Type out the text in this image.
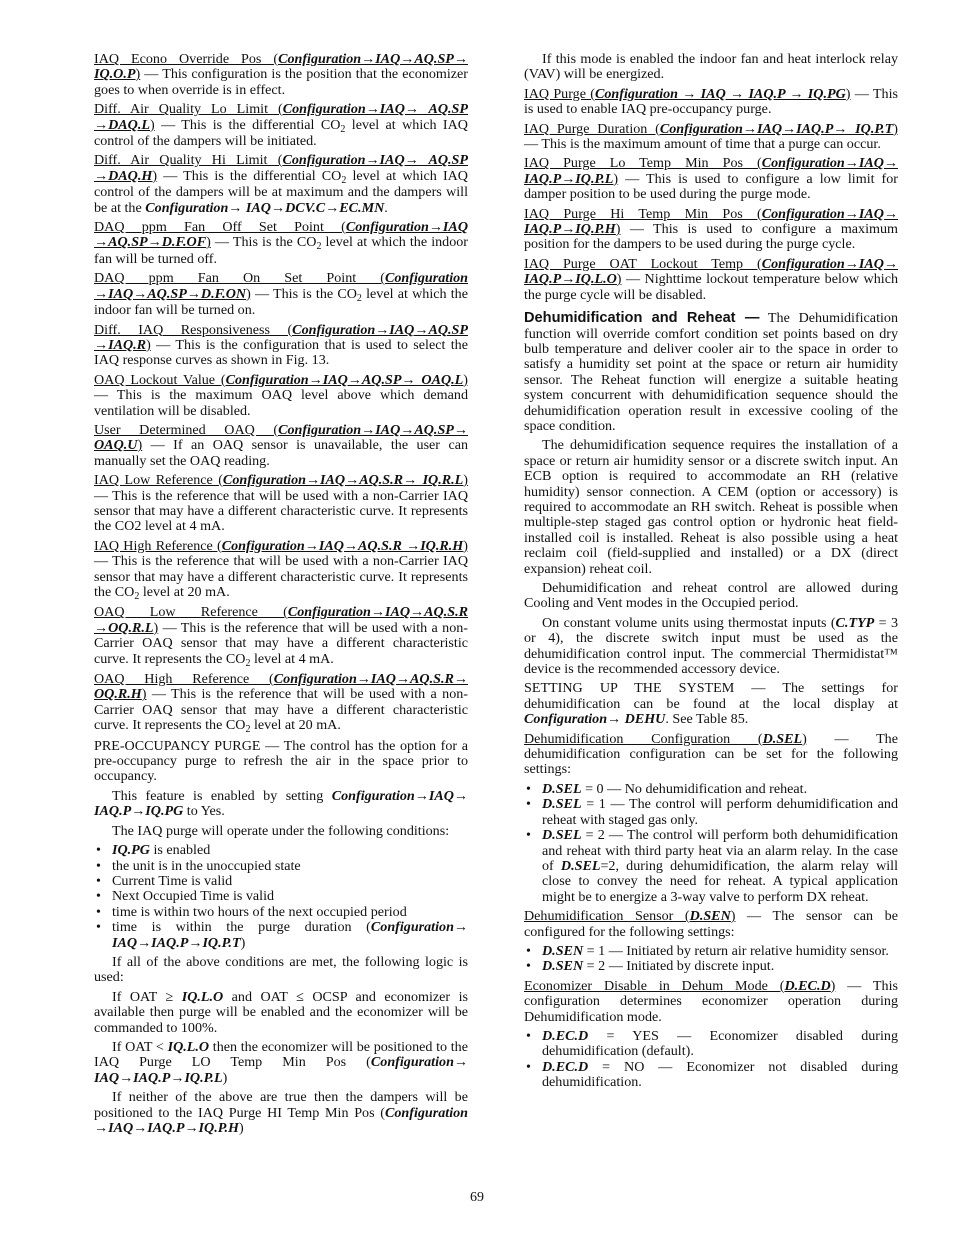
IAQ Econo Override Pos (Configuration→IAQ→AQ.SP→ IQ.O.P) — This configuration is the position that the economizer goes to when override is in effect.

Diff. Air Quality Lo Limit (Configuration→IAQ→ AQ.SP →DAQ.L) — This is the differential $CO_2$ level at which IAQ control of the dampers will be initiated.

Diff. Air Quality Hi Limit (Configuration→IAQ→ AQ.SP →DAQ.H) — This is the differential $CO_2$ level at which IAQ control of the dampers will be at maximum and the dampers will be at the Configuration→ IAQ→DCV.C→EC.MN.

DAQ ppm Fan Off Set Point (Configuration→IAQ →AQ.SP→D.F.OF) — This is the $CO_2$ level at which the indoor fan will be turned off.

DAQ ppm Fan On Set Point (Configuration →IAQ→AQ.SP→D.F.ON) — This is the $CO_2$ level at which the indoor fan will be turned on.

Diff. IAQ Responsiveness (Configuration→IAQ→AQ.SP →IAQ.R) — This is the configuration that is used to select the IAQ response curves as shown in Fig. 13.

OAQ Lockout Value (Configuration→IAQ→AQ.SP→ OAQ.L) — This is the maximum OAQ level above which demand ventilation will be disabled.

User Determined OAQ (Configuration→IAQ→AQ.SP→ OAQ.U) — If an OAQ sensor is unavailable, the user can manually set the OAQ reading.

IAQ Low Reference (Configuration→IAQ→AQ.S.R→ IQ.R.L) — This is the reference that will be used with a non-Carrier IAQ sensor that may have a different characteristic curve. It represents the CO2 level at 4 mA.

IAQ High Reference (Configuration→IAQ→AQ.S.R →IQ.R.H) — This is the reference that will be used with a non-Carrier IAQ sensor that may have a different characteristic curve. It represents the $CO_2$ level at 20 mA.

OAQ Low Reference (Configuration→IAQ→AQ.S.R →OQ.R.L) — This is the reference that will be used with a non-Carrier OAQ sensor that may have a different characteristic curve. It represents the $CO_2$ level at 4 mA.

OAQ High Reference (Configuration→IAQ→AQ.S.R→ OQ.R.H) — This is the reference that will be used with a non-Carrier OAQ sensor that may have a different characteristic curve. It represents the $CO_2$ level at 20 mA.

PRE-OCCUPANCY PURGE — The control has the option for a pre-occupancy purge to refresh the air in the space prior to occupancy.

This feature is enabled by setting Configuration→IAQ→ IAQ.P→IQ.PG to Yes.

The IAQ purge will operate under the following conditions:

• IQ.PG is enabled
• the unit is in the unoccupied state
• Current Time is valid
• Next Occupied Time is valid
• time is within two hours of the next occupied period
• time is within the purge duration (Configuration→ IAQ→IAQ.P→IQ.P.T)

If all of the above conditions are met, the following logic is used:

If OAT ≥ IQ.L.O and OAT ≤ OCSP and economizer is available then purge will be enabled and the economizer will be commanded to 100%.

If OAT < IQ.L.O then the economizer will be positioned to the IAQ Purge LO Temp Min Pos (Configuration→ IAQ→IAQ.P→IQ.P.L)

If neither of the above are true then the dampers will be positioned to the IAQ Purge HI Temp Min Pos (Configuration →IAQ→IAQ.P→IQ.P.H)

If this mode is enabled the indoor fan and heat interlock relay (VAV) will be energized.

IAQ Purge (Configuration → IAQ → IAQ.P → IQ.PG) — This is used to enable IAQ pre-occupancy purge.

IAQ Purge Duration (Configuration→IAQ→IAQ.P→ IQ.P.T) — This is the maximum amount of time that a purge can occur.

IAQ Purge Lo Temp Min Pos (Configuration→IAQ→ IAQ.P→IQ.P.L) — This is used to configure a low limit for damper position to be used during the purge mode.

IAQ Purge Hi Temp Min Pos (Configuration→IAQ→ IAQ.P→IQ.P.H) — This is used to configure a maximum position for the dampers to be used during the purge cycle.

IAQ Purge OAT Lockout Temp (Configuration→IAQ→ IAQ.P→IQ.L.O) — Nighttime lockout temperature below which the purge cycle will be disabled.

Dehumidification and Reheat — The Dehumidification function will override comfort condition set points based on dry bulb temperature and deliver cooler air to the space in order to satisfy a humidity set point at the space or return air humidity sensor. The Reheat function will energize a suitable heating system concurrent with dehumidification sequence should the dehumidification operation result in excessive cooling of the space condition.

The dehumidification sequence requires the installation of a space or return air humidity sensor or a discrete switch input. An ECB option is required to accommodate an RH (relative humidity) sensor connection. A CEM (option or accessory) is required to accommodate an RH switch. Reheat is possible when multiple-step staged gas control option or hydronic heat field-installed coil is installed. Reheat is also possible using a heat reclaim coil (field-supplied and installed) or a DX (direct expansion) reheat coil.

Dehumidification and reheat control are allowed during Cooling and Vent modes in the Occupied period.

On constant volume units using thermostat inputs (C.TYP = 3 or 4), the discrete switch input must be used as the dehumidification control input. The commercial Thermidistat™ device is the recommended accessory device.

SETTING UP THE SYSTEM — The settings for dehumidification can be found at the local display at Configuration→ DEHU. See Table 85.

Dehumidification Configuration (D.SEL) — The dehumidification configuration can be set for the following settings:

• D.SEL = 0 — No dehumidification and reheat.
• D.SEL = 1 — The control will perform dehumidification and reheat with staged gas only.
• D.SEL = 2 — The control will perform both dehumidification and reheat with third party heat via an alarm relay. In the case of D.SEL=2, during dehumidification, the alarm relay will close to convey the need for reheat. A typical application might be to energize a 3-way valve to perform DX reheat.

Dehumidification Sensor (D.SEN) — The sensor can be configured for the following settings:

• D.SEN = 1 — Initiated by return air relative humidity sensor.
• D.SEN = 2 — Initiated by discrete input.

Economizer Disable in Dehum Mode (D.EC.D) — This configuration determines economizer operation during Dehumidification mode.

• D.EC.D = YES — Economizer disabled during dehumidification (default).
• D.EC.D = NO — Economizer not disabled during dehumidification.
69
